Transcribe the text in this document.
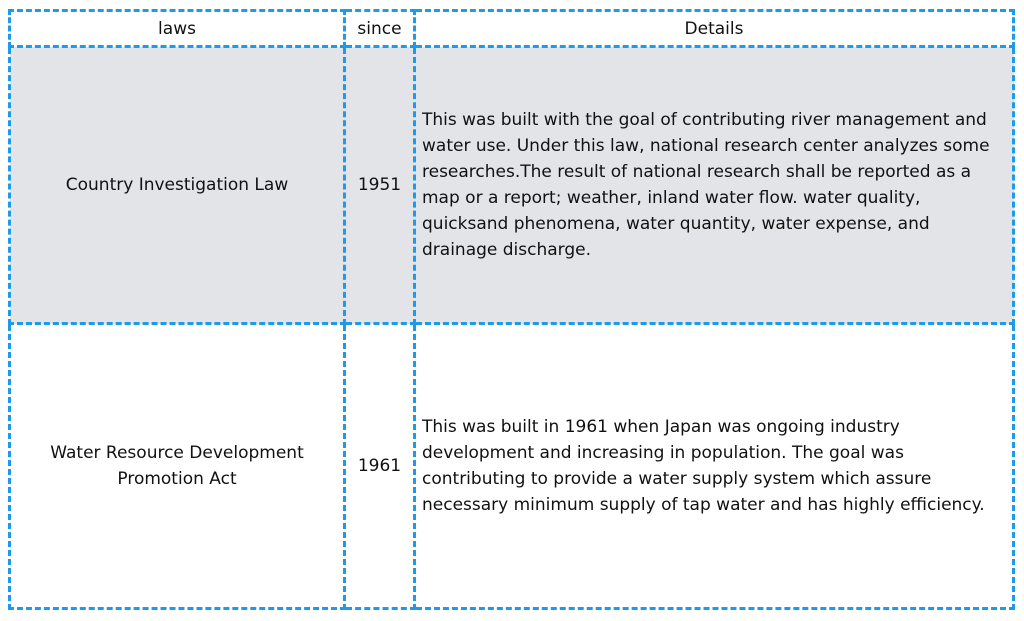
laws	since	Details
Country Investigation Law	1951	This was built with the goal of contributing river management and water use. Under this law, national research center analyzes some researches.The result of national research shall be reported as a map or a report; weather, inland water flow. water quality, quicksand phenomena, water quantity, water expense, and drainage discharge.
Water Resource Development Promotion Act	1961	This was built in 1961 when Japan was ongoing industry development and increasing in population. The goal was contributing to provide a water supply system which assure necessary minimum supply of tap water and has highly efficiency.
